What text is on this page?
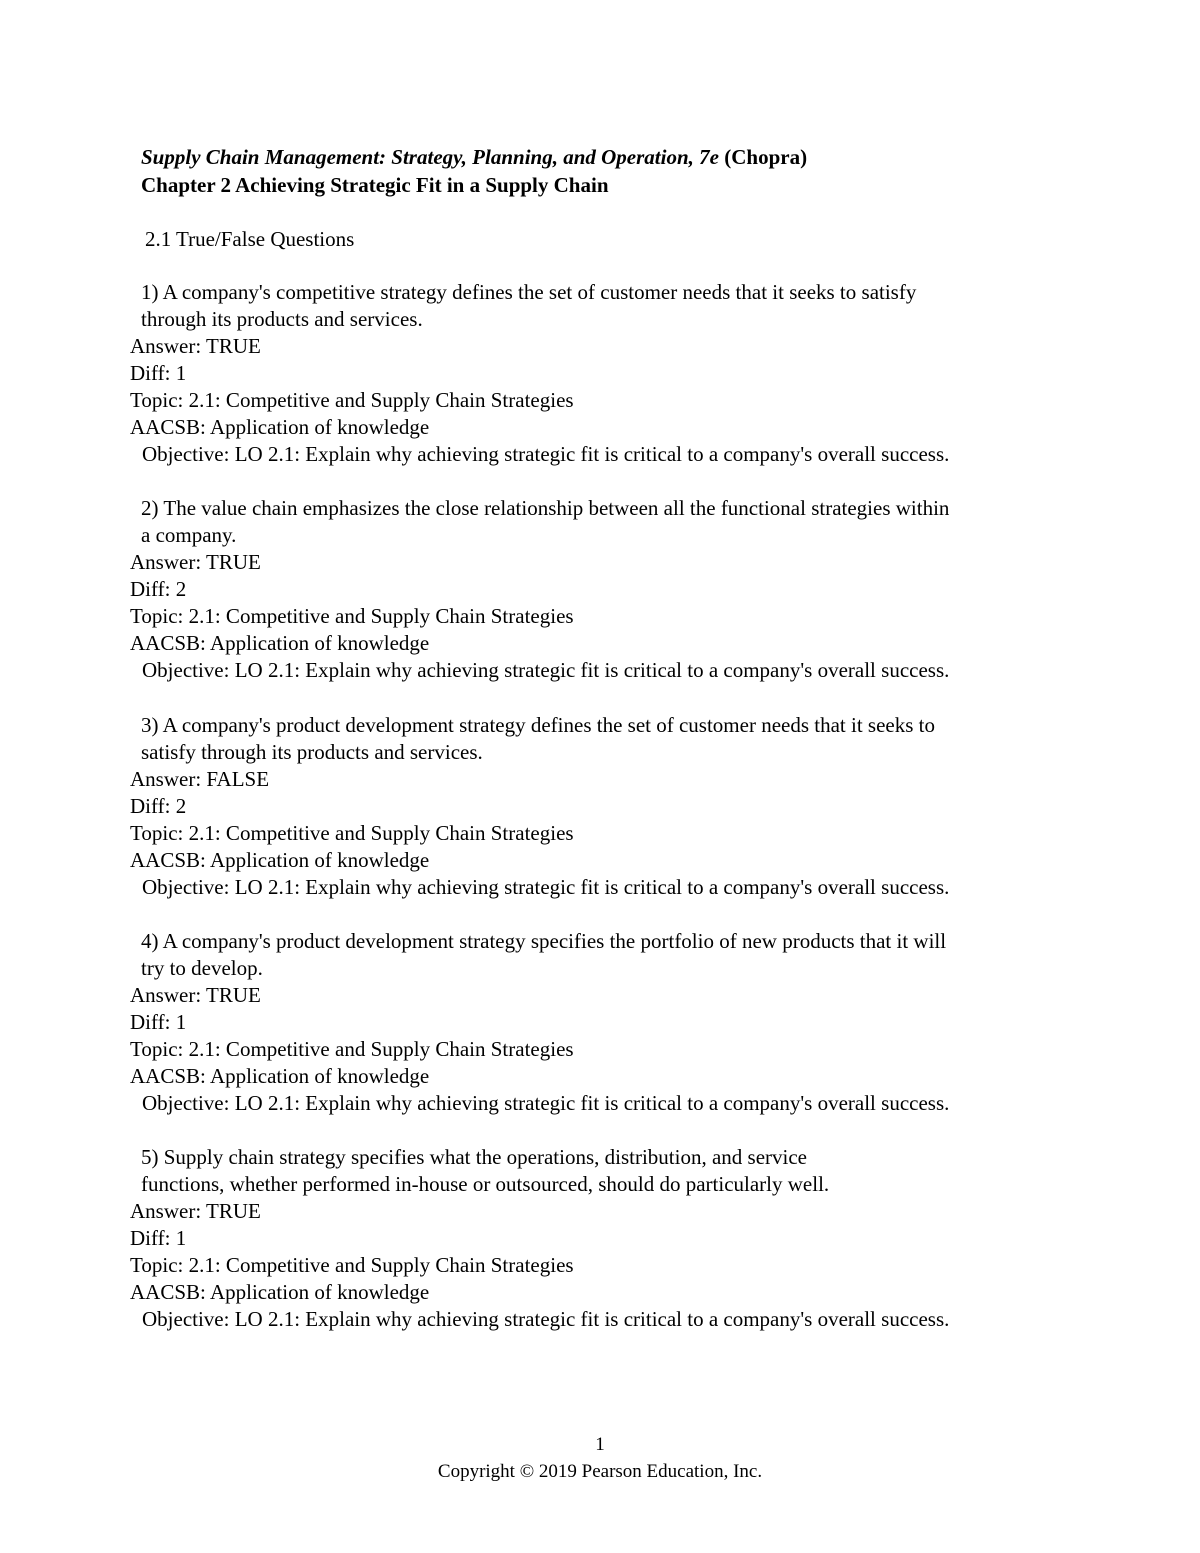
Supply Chain Management: Strategy, Planning, and Operation, 7e (Chopra)
Chapter 2 Achieving Strategic Fit in a Supply Chain
2.1 True/False Questions
1) A company's competitive strategy defines the set of customer needs that it seeks to satisfy
through its products and services.
Answer: TRUE
Diff: 1
Topic: 2.1: Competitive and Supply Chain Strategies
AACSB: Application of knowledge
Objective: LO 2.1: Explain why achieving strategic fit is critical to a company's overall success.
2) The value chain emphasizes the close relationship between all the functional strategies within
a company.
Answer: TRUE
Diff: 2
Topic: 2.1: Competitive and Supply Chain Strategies
AACSB: Application of knowledge
Objective: LO 2.1: Explain why achieving strategic fit is critical to a company's overall success.
3) A company's product development strategy defines the set of customer needs that it seeks to
satisfy through its products and services.
Answer: FALSE
Diff: 2
Topic: 2.1: Competitive and Supply Chain Strategies
AACSB: Application of knowledge
Objective: LO 2.1: Explain why achieving strategic fit is critical to a company's overall success.
4) A company's product development strategy specifies the portfolio of new products that it will
try to develop.
Answer: TRUE
Diff: 1
Topic: 2.1: Competitive and Supply Chain Strategies
AACSB: Application of knowledge
Objective: LO 2.1: Explain why achieving strategic fit is critical to a company's overall success.
5) Supply chain strategy specifies what the operations, distribution, and service
functions, whether performed in-house or outsourced, should do particularly well.
Answer: TRUE
Diff: 1
Topic: 2.1: Competitive and Supply Chain Strategies
AACSB: Application of knowledge
Objective: LO 2.1: Explain why achieving strategic fit is critical to a company's overall success.
1
Copyright © 2019 Pearson Education, Inc.
